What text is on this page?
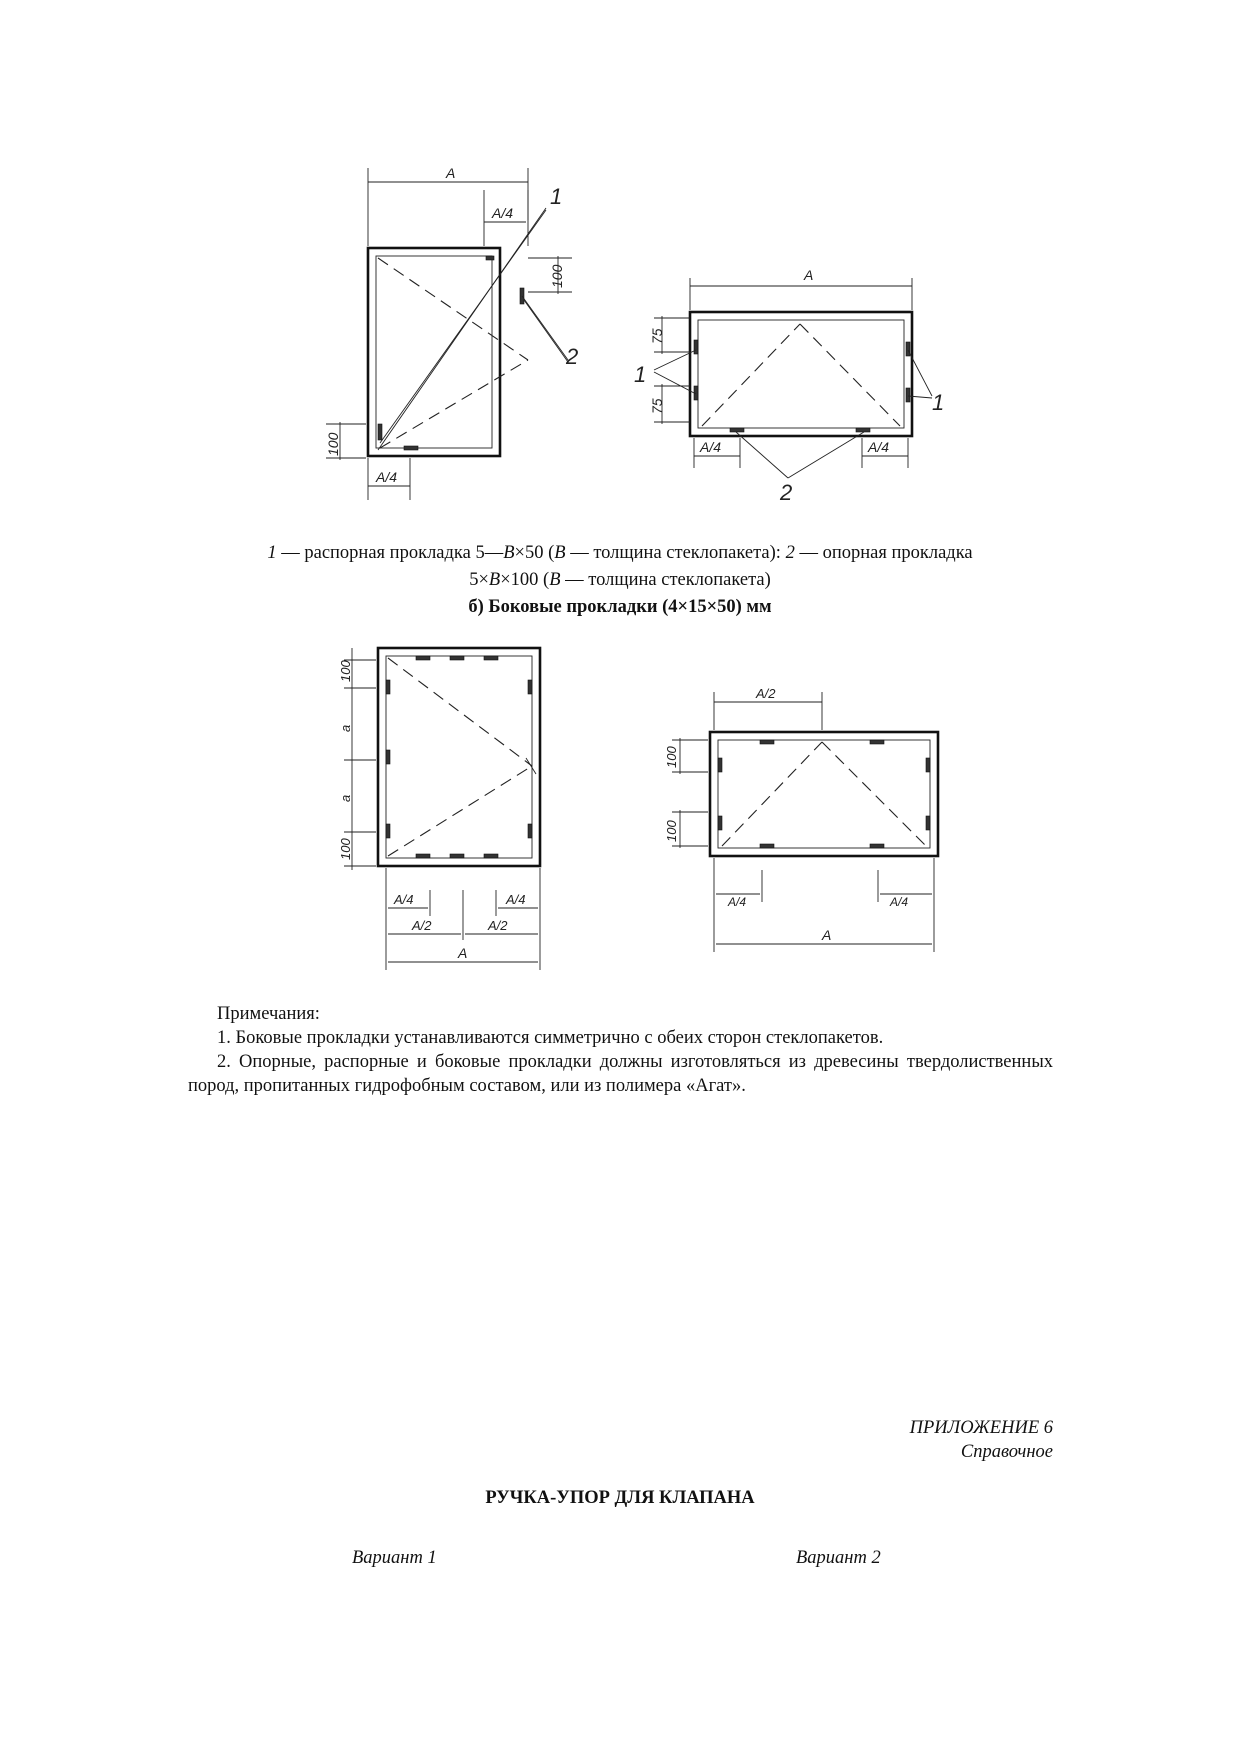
A
A/4
100
100
A/4
1
2
A
75
75
A/4	A/4
1
1
2
1 — распорная прокладка 5—В×50 (В — толщина стеклопакета): 2 — опорная прокладка
5×В×100 (В — толщина стеклопакета)
б) Боковые прокладки (4×15×50) мм
100
a
a
100
A/4	A/4
A/2	A/2
A
A/2
100
100
A/4	A/4
A

Примечания:

1. Боковые прокладки устанавливаются симметрично с обеих сторон стеклопакетов.

2. Опорные, распорные и боковые прокладки должны изготовляться из древесины твердолиственных пород, пропитанных гидрофобным составом, или из полимера «Агат».

ПРИЛОЖЕНИЕ 6
Справочное
РУЧКА-УПОР ДЛЯ КЛАПАНА
Вариант 1	Вариант 2
